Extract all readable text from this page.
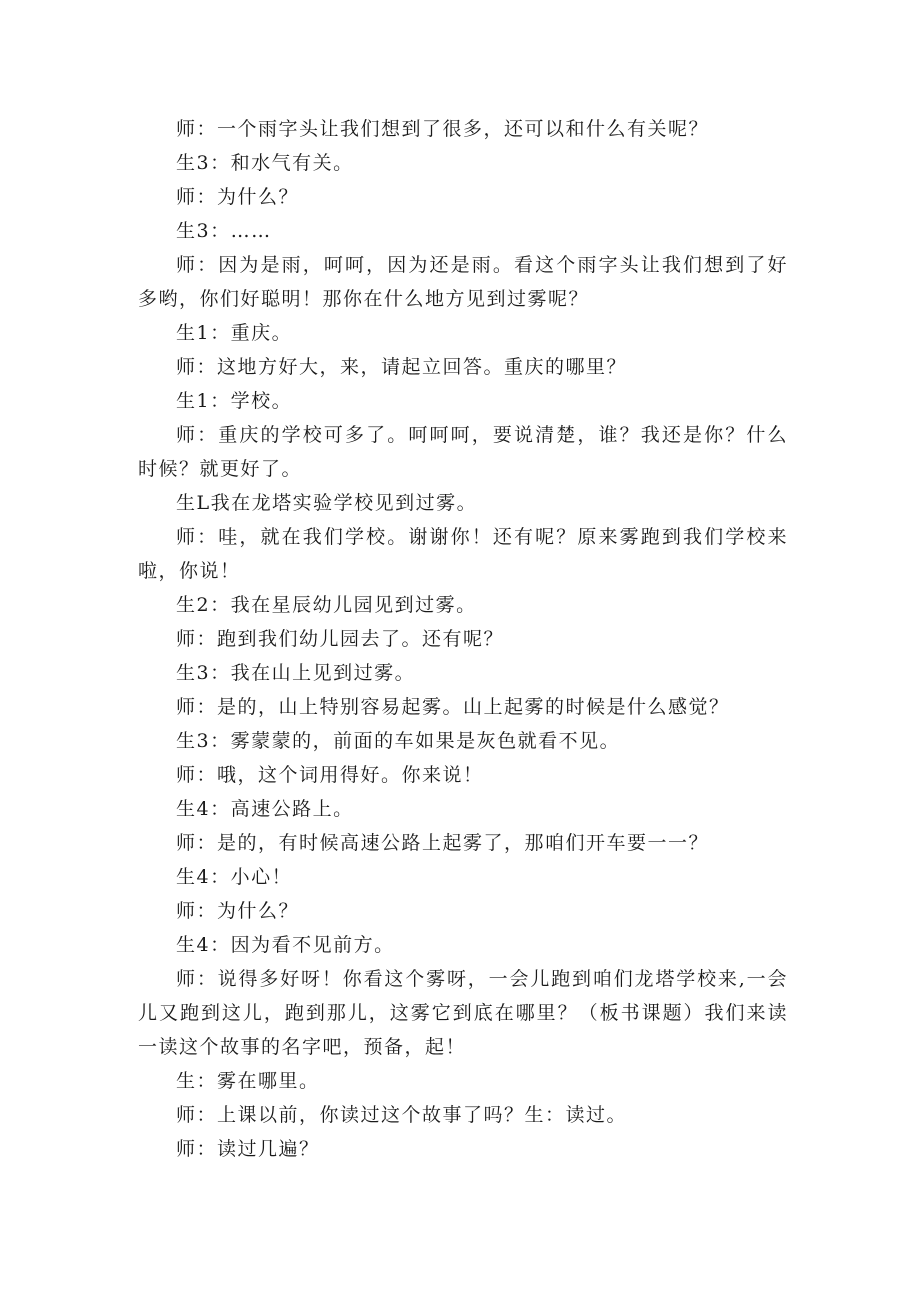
师：一个雨字头让我们想到了很多，还可以和什么有关呢？

生3：和水气有关。

师：为什么？

生3：……

师：因为是雨，呵呵，因为还是雨。看这个雨字头让我们想到了好多哟，你们好聪明！那你在什么地方见到过雾呢？

生1：重庆。

师：这地方好大，来，请起立回答。重庆的哪里？

生1：学校。

师：重庆的学校可多了。呵呵呵，要说清楚，谁？我还是你？什么时候？就更好了。

生L我在龙塔实验学校见到过雾。

师：哇，就在我们学校。谢谢你！还有呢？原来雾跑到我们学校来啦，你说！

生2：我在星辰幼儿园见到过雾。

师：跑到我们幼儿园去了。还有呢？

生3：我在山上见到过雾。

师：是的，山上特别容易起雾。山上起雾的时候是什么感觉？

生3：雾蒙蒙的，前面的车如果是灰色就看不见。

师：哦，这个词用得好。你来说！

生4：高速公路上。

师：是的，有时候高速公路上起雾了，那咱们开车要一一？

生4：小心！

师：为什么？

生4：因为看不见前方。

师：说得多好呀！你看这个雾呀，一会儿跑到咱们龙塔学校来,一会儿又跑到这儿，跑到那儿，这雾它到底在哪里？（板书课题）我们来读一读这个故事的名字吧，预备，起！

生：雾在哪里。

师：上课以前，你读过这个故事了吗？生：读过。

师：读过几遍？
